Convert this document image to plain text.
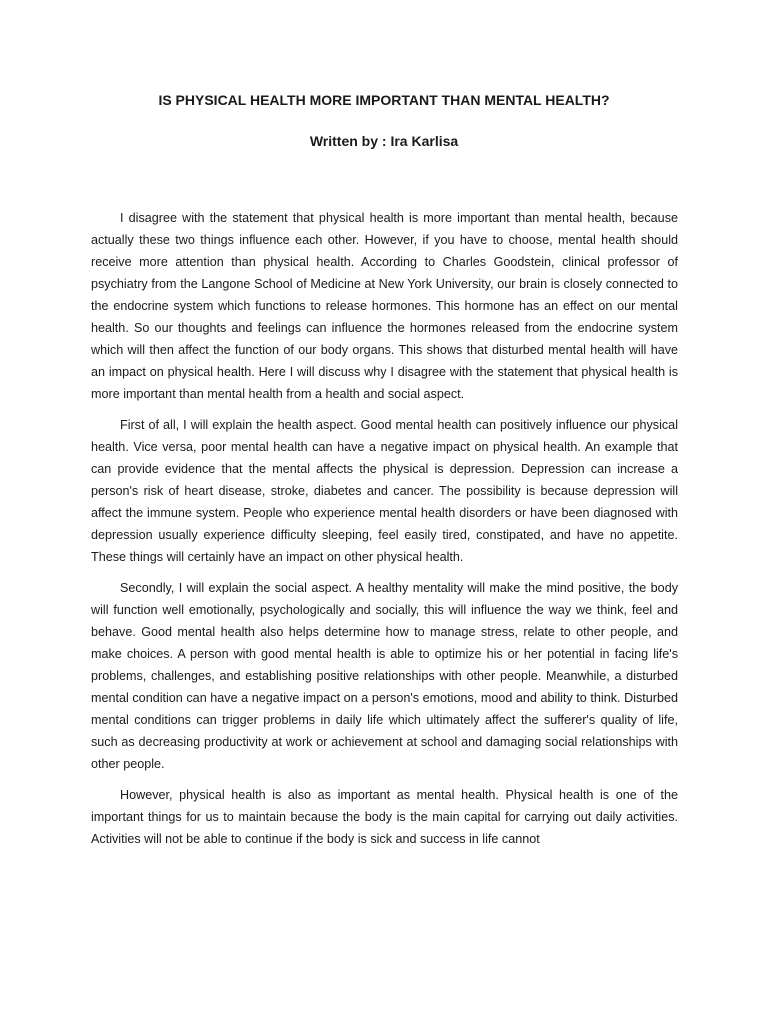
IS PHYSICAL HEALTH MORE IMPORTANT THAN MENTAL HEALTH?
Written by : Ira Karlisa

I disagree with the statement that physical health is more important than mental health, because actually these two things influence each other. However, if you have to choose, mental health should receive more attention than physical health. According to Charles Goodstein, clinical professor of psychiatry from the Langone School of Medicine at New York University, our brain is closely connected to the endocrine system which functions to release hormones. This hormone has an effect on our mental health. So our thoughts and feelings can influence the hormones released from the endocrine system which will then affect the function of our body organs. This shows that disturbed mental health will have an impact on physical health. Here I will discuss why I disagree with the statement that physical health is more important than mental health from a health and social aspect.

First of all, I will explain the health aspect. Good mental health can positively influence our physical health. Vice versa, poor mental health can have a negative impact on physical health. An example that can provide evidence that the mental affects the physical is depression. Depression can increase a person's risk of heart disease, stroke, diabetes and cancer. The possibility is because depression will affect the immune system. People who experience mental health disorders or have been diagnosed with depression usually experience difficulty sleeping, feel easily tired, constipated, and have no appetite. These things will certainly have an impact on other physical health.

Secondly, I will explain the social aspect. A healthy mentality will make the mind positive, the body will function well emotionally, psychologically and socially, this will influence the way we think, feel and behave. Good mental health also helps determine how to manage stress, relate to other people, and make choices. A person with good mental health is able to optimize his or her potential in facing life's problems, challenges, and establishing positive relationships with other people. Meanwhile, a disturbed mental condition can have a negative impact on a person's emotions, mood and ability to think. Disturbed mental conditions can trigger problems in daily life which ultimately affect the sufferer's quality of life, such as decreasing productivity at work or achievement at school and damaging social relationships with other people.

However, physical health is also as important as mental health. Physical health is one of the important things for us to maintain because the body is the main capital for carrying out daily activities. Activities will not be able to continue if the body is sick and success in life cannot
